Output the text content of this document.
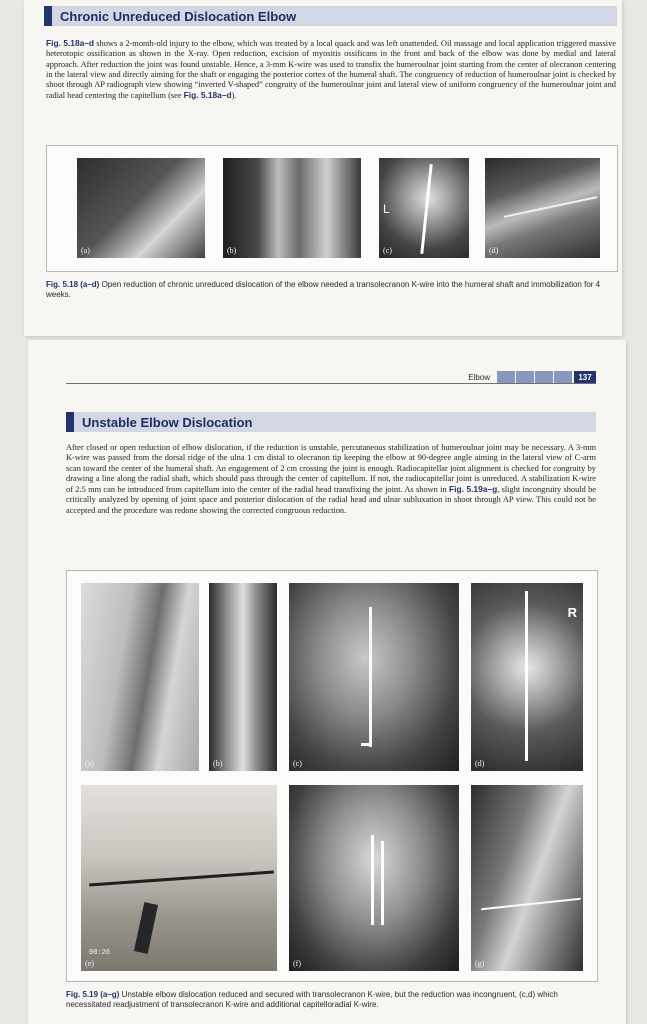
Chronic Unreduced Dislocation Elbow
Fig. 5.18a–d shows a 2-month-old injury to the elbow, which was treated by a local quack and was left unattended. Oil massage and local application triggered massive heterotopic ossification as shown in the X-ray. Open reduction, excision of myositis ossificans in the front and back of the elbow was done by medial and lateral approach. After reduction the joint was found unstable. Hence, a 3-mm K-wire was used to transfix the humeroulnar joint starting from the center of olecranon centering in the lateral view and directly aiming for the shaft or engaging the posterior cortex of the humeral shaft. The congruency of reduction of humeroulnar joint is checked by shoot through AP radiograph view showing “inverted V-shaped” congruity of the humeroulnar joint and lateral view of uniform congruency of the humeroulnar joint and radial head centering the capitellum (see Fig. 5.18a–d).
(a)	(b)
L
(c)	(d)
Fig. 5.18 (a–d) Open reduction of chronic unreduced dislocation of the elbow needed a transolecranon K-wire into the humeral shaft and immobilization for 4 weeks.
Elbow	137
Unstable Elbow Dislocation
After closed or open reduction of elbow dislocation, if the reduction is unstable, percutaneous stabilization of humeroulnar joint may be necessary. A 3-mm K-wire was passed from the dorsal ridge of the ulna 1 cm distal to olecranon tip keeping the elbow at 90-degree angle aiming in the lateral view of C-arm scan toward the center of the humeral shaft. An engagement of 2 cm crossing the joint is enough. Radiocapitellar joint alignment is checked for congruity by drawing a line along the radial shaft, which should pass through the center of capitellum. If not, the radiocapitellar joint is unreduced. A stabilization K-wire of 2.5 mm can be introduced from capitellum into the center of the radial head transfixing the joint. As shown in Fig. 5.19a–g, slight incongruity should be critically analyzed by opening of joint space and posterior dislocation of the radial head and ulnar subluxation in shoot through AP view. This could not be accepted and the procedure was redone showing the corrected congruous reduction.
(a)	(b)	(c)
R
(d)
00:26
(e)	(f)	(g)
Fig. 5.19 (a–g) Unstable elbow dislocation reduced and secured with transolecranon K-wire, but the reduction was incongruent, (c,d) which necessitated readjustment of transolecranon K-wire and additional capitelloradial K-wire.
